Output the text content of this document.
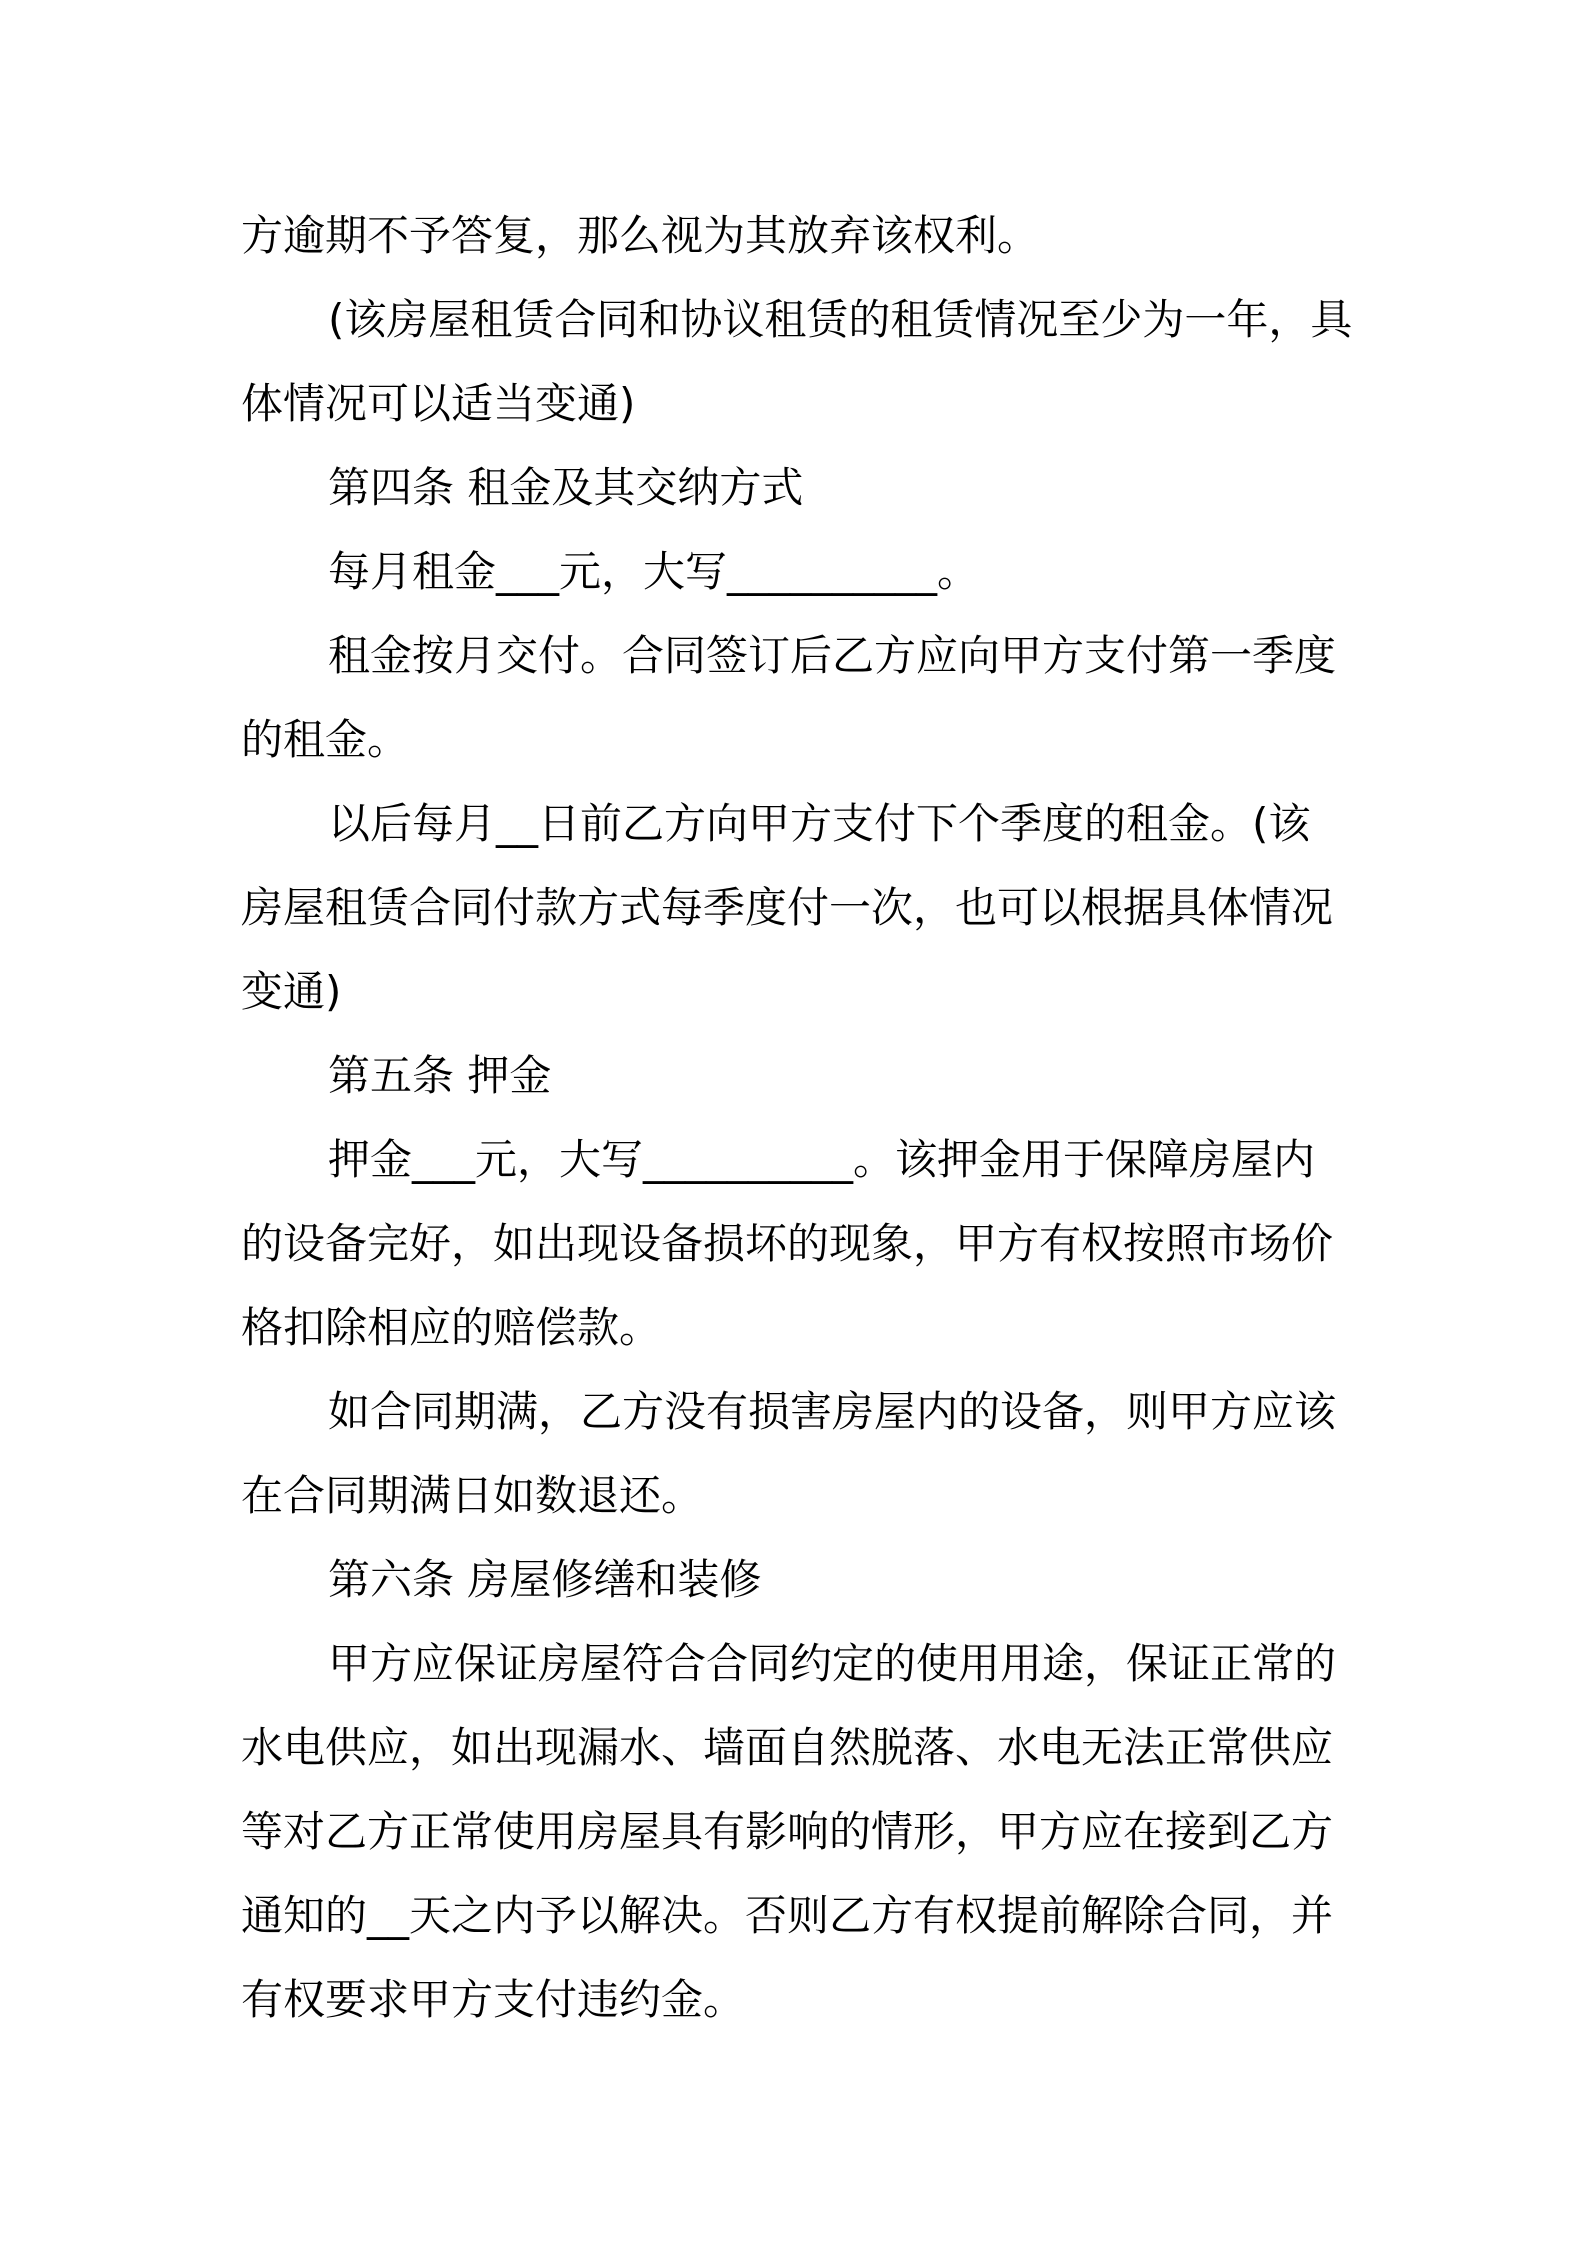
方逾期不予答复，那么视为其放弃该权利。
(该房屋租赁合同和协议租赁的租赁情况至少为一年，具
体情况可以适当变通)
第四条 租金及其交纳方式
每月租金___元，大写__________。
租金按月交付。合同签订后乙方应向甲方支付第一季度
的租金。
以后每月__日前乙方向甲方支付下个季度的租金。(该
房屋租赁合同付款方式每季度付一次，也可以根据具体情况
变通)
第五条 押金
押金___元，大写__________。该押金用于保障房屋内
的设备完好，如出现设备损坏的现象，甲方有权按照市场价
格扣除相应的赔偿款。
如合同期满，乙方没有损害房屋内的设备，则甲方应该
在合同期满日如数退还。
第六条 房屋修缮和装修
甲方应保证房屋符合合同约定的使用用途，保证正常的
水电供应，如出现漏水、墙面自然脱落、水电无法正常供应
等对乙方正常使用房屋具有影响的情形，甲方应在接到乙方
通知的__天之内予以解决。否则乙方有权提前解除合同，并
有权要求甲方支付违约金。
